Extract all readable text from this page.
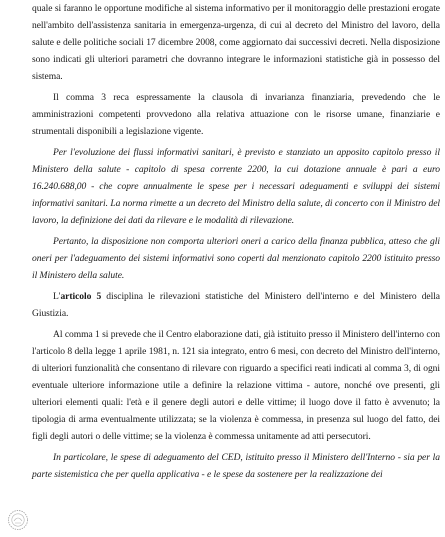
quale si faranno le opportune modifiche al sistema informativo per il monitoraggio delle prestazioni erogate nell'ambito dell'assistenza sanitaria in emergenza-urgenza, di cui al decreto del Ministro del lavoro, della salute e delle politiche sociali 17 dicembre 2008, come aggiornato dai successivi decreti. Nella disposizione sono indicati gli ulteriori parametri che dovranno integrare le informazioni statistiche già in possesso del sistema.

Il comma 3 reca espressamente la clausola di invarianza finanziaria, prevedendo che le amministrazioni competenti provvedono alla relativa attuazione con le risorse umane, finanziarie e strumentali disponibili a legislazione vigente.

Per l'evoluzione dei flussi informativi sanitari, è previsto e stanziato un apposito capitolo presso il Ministero della salute - capitolo di spesa corrente 2200, la cui dotazione annuale è pari a euro 16.240.688,00 - che copre annualmente le spese per i necessari adeguamenti e sviluppi dei sistemi informativi sanitari. La norma rimette a un decreto del Ministro della salute, di concerto con il Ministro del lavoro, la definizione dei dati da rilevare e le modalità di rilevazione.

Pertanto, la disposizione non comporta ulteriori oneri a carico della finanza pubblica, atteso che gli oneri per l'adeguamento dei sistemi informativi sono coperti dal menzionato capitolo 2200 istituito presso il Ministero della salute.

L'articolo 5 disciplina le rilevazioni statistiche del Ministero dell'interno e del Ministero della Giustizia.

Al comma 1 si prevede che il Centro elaborazione dati, già istituito presso il Ministero dell'interno con l'articolo 8 della legge 1 aprile 1981, n. 121 sia integrato, entro 6 mesi, con decreto del Ministro dell'interno, di ulteriori funzionalità che consentano di rilevare con riguardo a specifici reati indicati al comma 3, di ogni eventuale ulteriore informazione utile a definire la relazione vittima - autore, nonché ove presenti, gli ulteriori elementi quali: l'età e il genere degli autori e delle vittime; il luogo dove il fatto è avvenuto; la tipologia di arma eventualmente utilizzata; se la violenza è commessa, in presenza sul luogo del fatto, dei figli degli autori o delle vittime; se la violenza è commessa unitamente ad atti persecutori.

In particolare, le spese di adeguamento del CED, istituito presso il Ministero dell'Interno - sia per la parte sistemistica che per quella applicativa - e le spese da sostenere per la realizzazione dei
